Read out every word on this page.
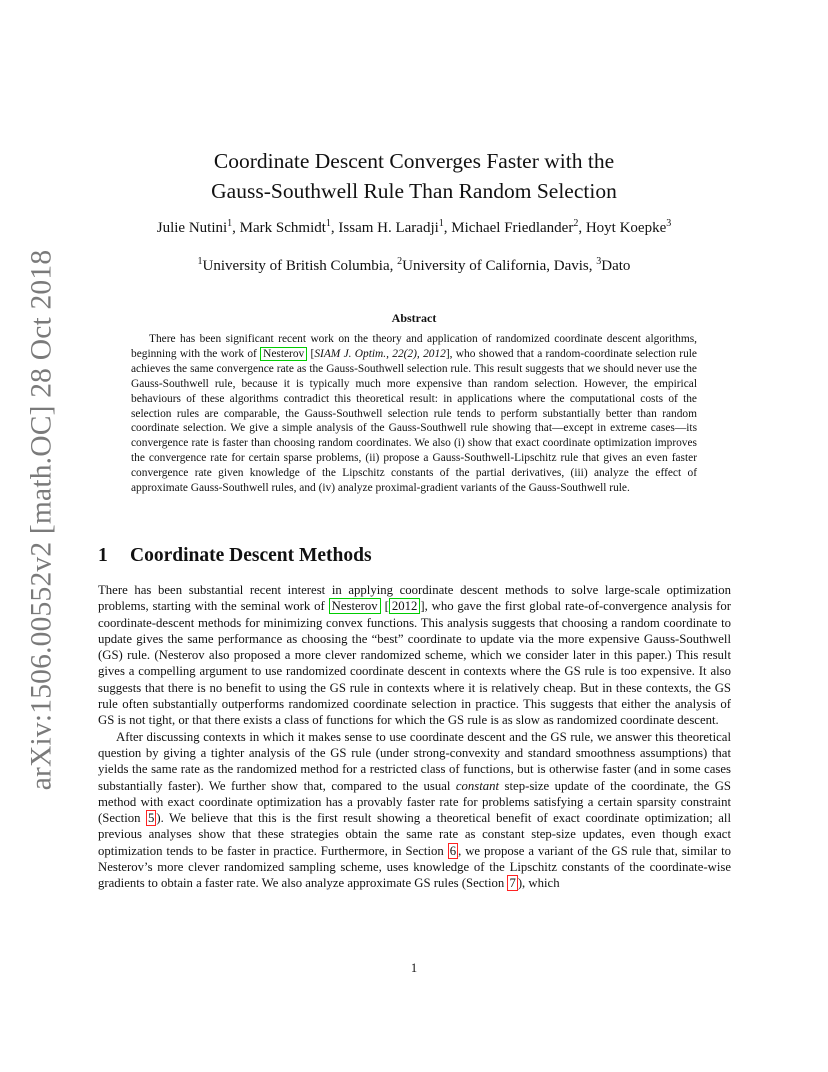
arXiv:1506.00552v2 [math.OC] 28 Oct 2018
Coordinate Descent Converges Faster with the
Gauss-Southwell Rule Than Random Selection
Julie Nutini$^1$, Mark Schmidt$^1$, Issam H. Laradji$^1$, Michael Friedlander$^2$, Hoyt Koepke$^3$
$^1$University of British Columbia, $^2$University of California, Davis, $^3$Dato
Abstract
There has been significant recent work on the theory and application of randomized coordinate descent algorithms, beginning with the work of Nesterov [SIAM J. Optim., 22(2), 2012], who showed that a random-coordinate selection rule achieves the same convergence rate as the Gauss-Southwell selection rule. This result suggests that we should never use the Gauss-Southwell rule, because it is typically much more expensive than random selection. However, the empirical behaviours of these algorithms contradict this theoretical result: in applications where the computational costs of the selection rules are comparable, the Gauss-Southwell selection rule tends to perform substantially better than random coordinate selection. We give a simple analysis of the Gauss-Southwell rule showing that—except in extreme cases—its convergence rate is faster than choosing random coordinates. We also (i) show that exact coordinate optimization improves the convergence rate for certain sparse problems, (ii) propose a Gauss-Southwell-Lipschitz rule that gives an even faster convergence rate given knowledge of the Lipschitz constants of the partial derivatives, (iii) analyze the effect of approximate Gauss-Southwell rules, and (iv) analyze proximal-gradient variants of the Gauss-Southwell rule.
1 Coordinate Descent Methods

There has been substantial recent interest in applying coordinate descent methods to solve large-scale optimization problems, starting with the seminal work of Nesterov [ 2012 ], who gave the first global rate-of-convergence analysis for coordinate-descent methods for minimizing convex functions. This analysis suggests that choosing a random coordinate to update gives the same performance as choosing the “best” coordinate to update via the more expensive Gauss-Southwell (GS) rule. (Nesterov also proposed a more clever randomized scheme, which we consider later in this paper.) This result gives a compelling argument to use randomized coordinate descent in contexts where the GS rule is too expensive. It also suggests that there is no benefit to using the GS rule in contexts where it is relatively cheap. But in these contexts, the GS rule often substantially outperforms randomized coordinate selection in practice. This suggests that either the analysis of GS is not tight, or that there exists a class of functions for which the GS rule is as slow as randomized coordinate descent.

After discussing contexts in which it makes sense to use coordinate descent and the GS rule, we answer this theoretical question by giving a tighter analysis of the GS rule (under strong-convexity and standard smoothness assumptions) that yields the same rate as the randomized method for a restricted class of functions, but is otherwise faster (and in some cases substantially faster). We further show that, compared to the usual constant step-size update of the coordinate, the GS method with exact coordinate optimization has a provably faster rate for problems satisfying a certain sparsity constraint (Section 5 ). We believe that this is the first result showing a theoretical benefit of exact coordinate optimization; all previous analyses show that these strategies obtain the same rate as constant step-size updates, even though exact optimization tends to be faster in practice. Furthermore, in Section 6 , we propose a variant of the GS rule that, similar to Nesterov’s more clever randomized sampling scheme, uses knowledge of the Lipschitz constants of the coordinate-wise gradients to obtain a faster rate. We also analyze approximate GS rules (Section 7 ), which

1
